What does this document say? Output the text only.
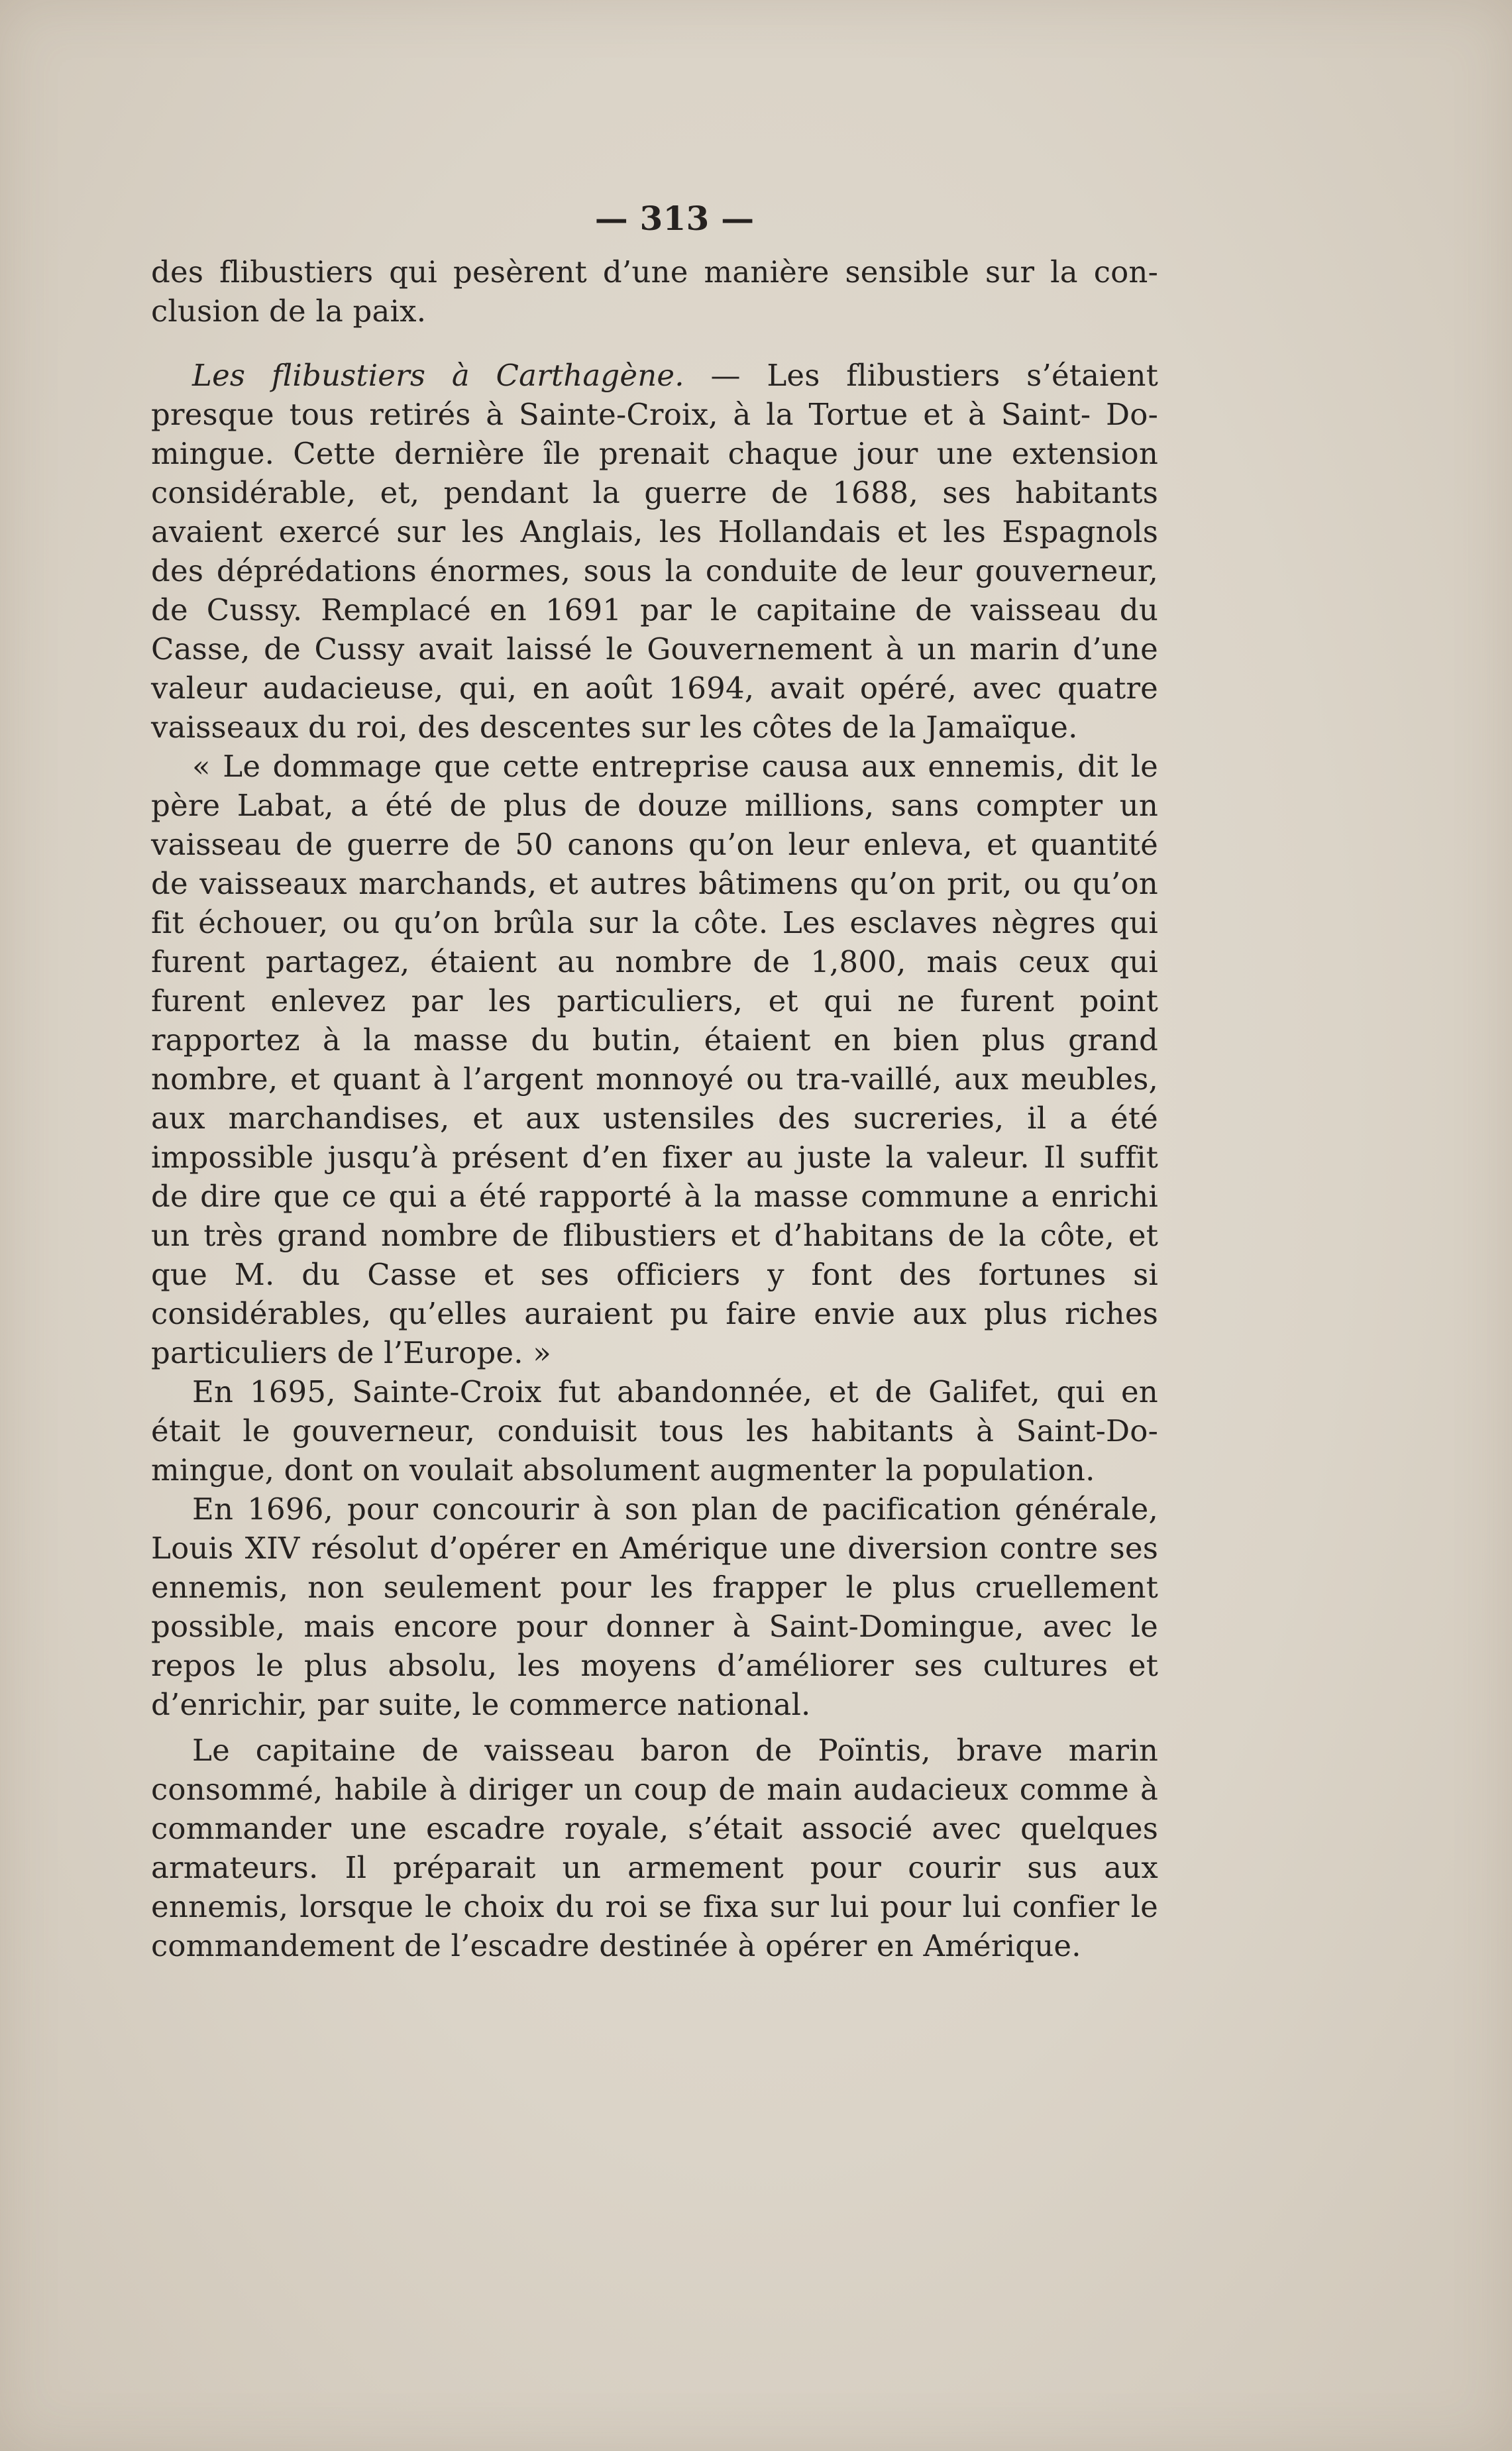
— 313 —

des flibustiers qui pesèrent d’une manière sensible sur la con-clusion de la paix.

Les flibustiers à Carthagène. — Les flibustiers s’étaient presque tous retirés à Sainte-Croix, à la Tortue et à Saint- Do-mingue. Cette dernière île prenait chaque jour une extension considérable, et, pendant la guerre de 1688, ses habitants avaient exercé sur les Anglais, les Hollandais et les Espagnols des déprédations énormes, sous la conduite de leur gouverneur, de Cussy. Remplacé en 1691 par le capitaine de vaisseau du Casse, de Cussy avait laissé le Gouvernement à un marin d’une valeur audacieuse, qui, en août 1694, avait opéré, avec quatre vaisseaux du roi, des descentes sur les côtes de la Jamaïque.

« Le dommage que cette entreprise causa aux ennemis, dit le père Labat, a été de plus de douze millions, sans compter un vaisseau de guerre de 50 canons qu’on leur enleva, et quantité de vaisseaux marchands, et autres bâtimens qu’on prit, ou qu’on fit échouer, ou qu’on brûla sur la côte. Les esclaves nègres qui furent partagez, étaient au nombre de 1,800, mais ceux qui furent enlevez par les particuliers, et qui ne furent point rapportez à la masse du butin, étaient en bien plus grand nombre, et quant à l’argent monnoyé ou tra-vaillé, aux meubles, aux marchandises, et aux ustensiles des sucreries, il a été impossible jusqu’à présent d’en fixer au juste la valeur. Il suffit de dire que ce qui a été rapporté à la masse commune a enrichi un très grand nombre de flibustiers et d’habitans de la côte, et que M. du Casse et ses officiers y font des fortunes si considérables, qu’elles auraient pu faire envie aux plus riches particuliers de l’Europe. »

En 1695, Sainte-Croix fut abandonnée, et de Galifet, qui en était le gouverneur, conduisit tous les habitants à Saint-Do-mingue, dont on voulait absolument augmenter la population.

En 1696, pour concourir à son plan de pacification générale, Louis XIV résolut d’opérer en Amérique une diversion contre ses ennemis, non seulement pour les frapper le plus cruellement possible, mais encore pour donner à Saint-Domingue, avec le repos le plus absolu, les moyens d’améliorer ses cultures et d’enrichir, par suite, le commerce national.

Le capitaine de vaisseau baron de Poïntis, brave marin consommé, habile à diriger un coup de main audacieux comme à commander une escadre royale, s’était associé avec quelques armateurs. Il préparait un armement pour courir sus aux ennemis, lorsque le choix du roi se fixa sur lui pour lui confier le commandement de l’escadre destinée à opérer en Amérique.
